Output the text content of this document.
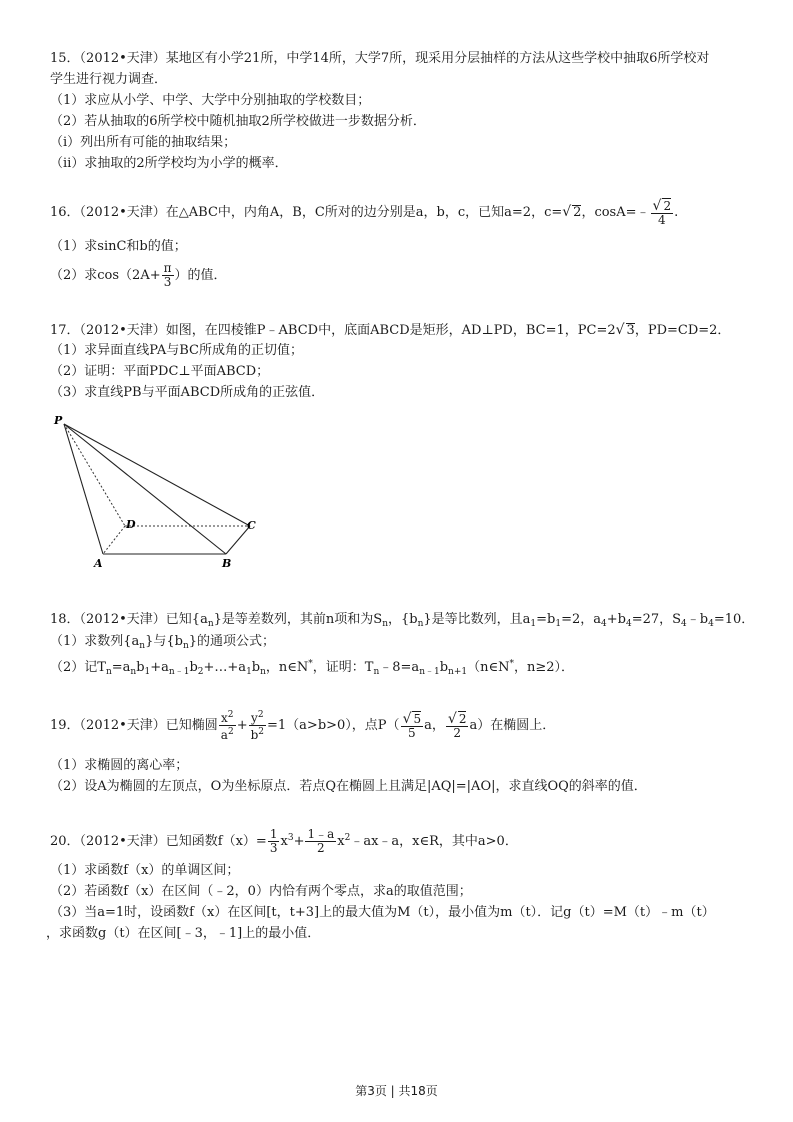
15．（2012•天津）某地区有小学21所，中学14所，大学7所，现采用分层抽样的方法从这些学校中抽取6所学校对
学生进行视力调查．
（1）求应从小学、中学、大学中分别抽取的学校数目；
（2）若从抽取的6所学校中随机抽取2所学校做进一步数据分析．
（ⅰ）列出所有可能的抽取结果；
（ⅱ）求抽取的2所学校均为小学的概率．
16．（2012•天津）在△ABC中，内角A，B，C所对的边分别是a，b，c，已知a=2，c=√ 2，cosA=﹣ $\frac{√ 2}{4}$ .
（1）求sinC和b的值；
（2）求$\cos(2A+ \frac{\pi}{3}$ ）的值．
17．（2012•天津）如图，在四棱锥P﹣ABCD中，底面ABCD是矩形，AD⊥PD，BC=1，PC=2√ 3，PD=CD=2．
（1）求异面直线PA与BC所成角的正切值；
（2）证明：平面PDC⊥平面ABCD；
（3）求直线PB与平面ABCD所成角的正弦值．
P
D	C
A	B
18．（2012•天津）已知$\{a_n\}$是等差数列，其前n项和为$S_n$，$\{b_n\}$是等比数列，且$a_1=b_1=2$，$a_4+b_4=27$，$S_4﹣b_4=10$．
（1）求数列$\{a_n\}$与$\{b_n\}$的通项公式；
（2）记$T_n=a_nb_1+a_{n﹣1}b_2+\dots+a_1b_n$，n∈N*，证明：$T_n﹣8=a_{n﹣1}b_{n+1}(n\in N^*$，n≥2）．
19．（2012•天津）已知椭圆 $\frac{x^2}{a^2} + \frac{y^2}{b^2} =1(a>b>0)$，点$P( \frac{√ 5}{5}$ a， $\frac{√ 2}{2} a$）在椭圆上．
（1）求椭圆的离心率；
（2）设A为椭圆的左顶点，O为坐标原点．若点Q在椭圆上且满足|AQ|=|AO|，求直线OQ的斜率的值．
20．（2012•天津）已知函数$f(x)= \frac{1}{3} x^3+ \frac{1﹣a}{2}$ $x^2﹣ax﹣a$，x∈R，其中a>0．
（1）求函数f（x）的单调区间；
（2）若函数f（x）在区间（﹣2，0）内恰有两个零点，求a的取值范围；
（3）当a=1时，设函数f（x）在区间[t，t+3]上的最大值为M（t），最小值为m（t）．记g（t）=M（t）﹣m（t）
，求函数g（t）在区间[﹣3，﹣1]上的最小值．
第3页 | 共18页
